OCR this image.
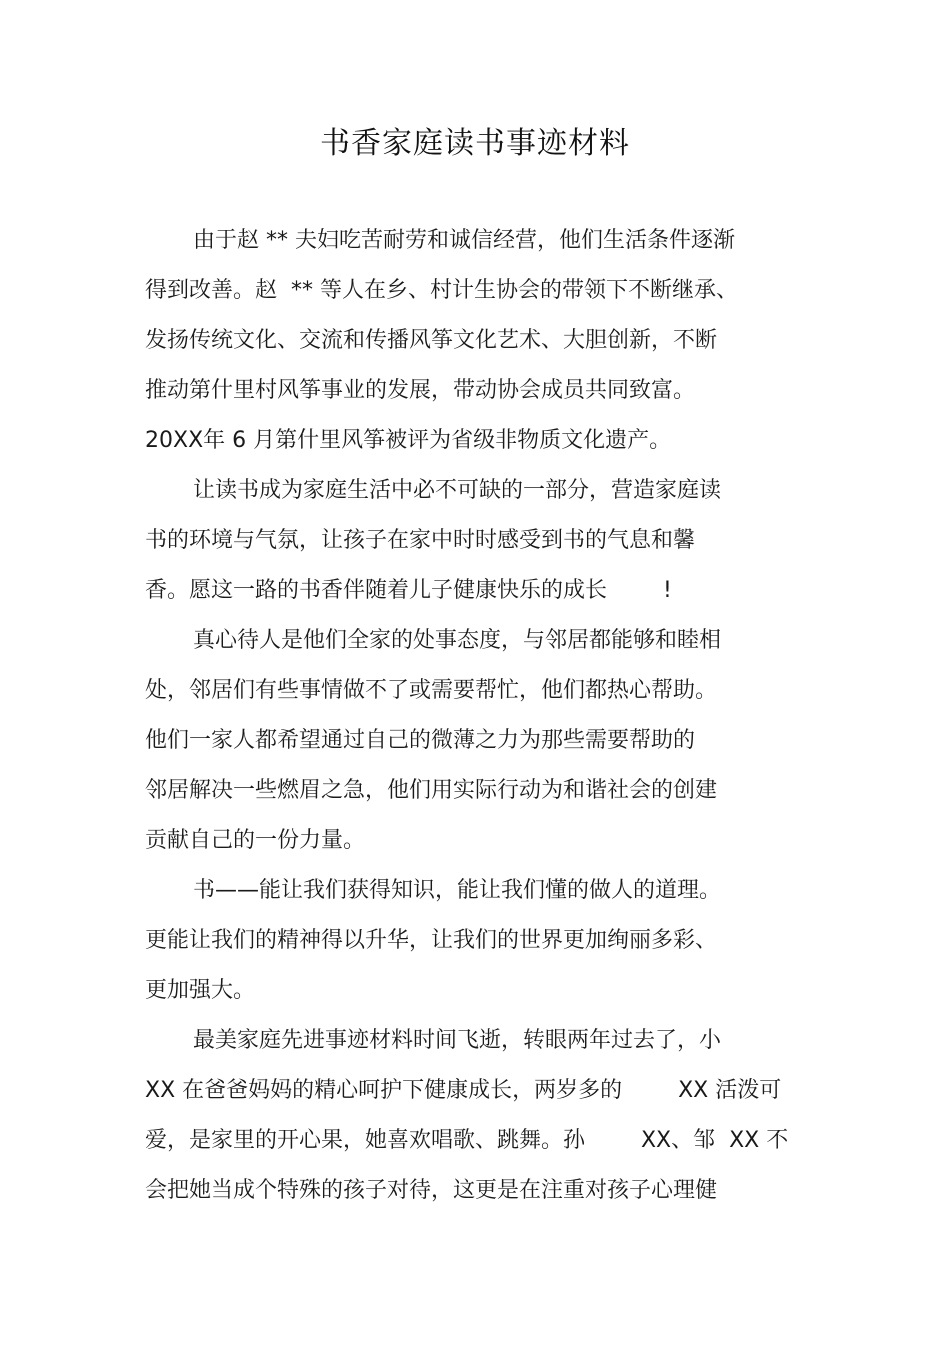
书香家庭读书事迹材料
由于赵 ** 夫妇吃苦耐劳和诚信经营，他们生活条件逐渐
得到改善。赵  ** 等人在乡、村计生协会的带领下不断继承、
发扬传统文化、交流和传播风筝文化艺术、大胆创新，不断
推动第什里村风筝事业的发展，带动协会成员共同致富。
20XX年 6 月第什里风筝被评为省级非物质文化遗产。
让读书成为家庭生活中必不可缺的一部分，营造家庭读
书的环境与气氛，让孩子在家中时时感受到书的气息和馨
香。愿这一路的书香伴随着儿子健康快乐的成长        !
真心待人是他们全家的处事态度，与邻居都能够和睦相
处，邻居们有些事情做不了或需要帮忙，他们都热心帮助。
他们一家人都希望通过自己的微薄之力为那些需要帮助的
邻居解决一些燃眉之急，他们用实际行动为和谐社会的创建
贡献自己的一份力量。
书——能让我们获得知识，能让我们懂的做人的道理。
更能让我们的精神得以升华，让我们的世界更加绚丽多彩、
更加强大。
最美家庭先进事迹材料时间飞逝，转眼两年过去了，小
XX 在爸爸妈妈的精心呵护下健康成长，两岁多的        XX 活泼可
爱，是家里的开心果，她喜欢唱歌、跳舞。孙        XX、邹  XX 不
会把她当成个特殊的孩子对待，这更是在注重对孩子心理健
